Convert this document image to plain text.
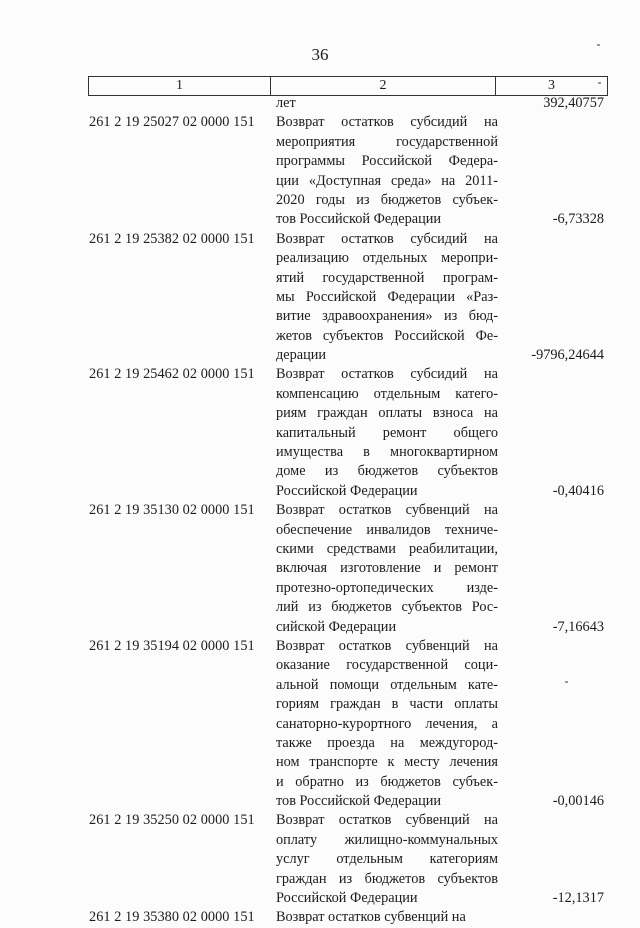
36
1	2	3
лет	392,40757
261 2 19 25027 02 0000 151 Возврат остатков субсидий на
мероприятия государственной
программы Российской Федера-
ции «Доступная среда» на 2011-
2020 годы из бюджетов субъек-
тов Российской Федерации	-6,73328
261 2 19 25382 02 0000 151 Возврат остатков субсидий на
реализацию отдельных меропри-
ятий государственной програм-
мы Российской Федерации «Раз-
витие здравоохранения» из бюд-
жетов субъектов Российской Фе-
дерации	-9796,24644
261 2 19 25462 02 0000 151 Возврат остатков субсидий на
компенсацию отдельным катего-
риям граждан оплаты взноса на
капитальный ремонт общего
имущества в многоквартирном
доме из бюджетов субъектов
Российской Федерации	-0,40416
261 2 19 35130 02 0000 151 Возврат остатков субвенций на
обеспечение инвалидов техниче-
скими средствами реабилитации,
включая изготовление и ремонт
протезно-ортопедических изде-
лий из бюджетов субъектов Рос-
сийской Федерации	-7,16643
261 2 19 35194 02 0000 151 Возврат остатков субвенций на
оказание государственной соци-
альной помощи отдельным кате-
гориям граждан в части оплаты
санаторно-курортного лечения, а
также проезда на междугород-
ном транспорте к месту лечения
и обратно из бюджетов субъек-
тов Российской Федерации	-0,00146
261 2 19 35250 02 0000 151 Возврат остатков субвенций на
оплату жилищно-коммунальных
услуг отдельным категориям
граждан из бюджетов субъектов
Российской Федерации	-12,1317
261 2 19 35380 02 0000 151 Возврат остатков субвенций на
